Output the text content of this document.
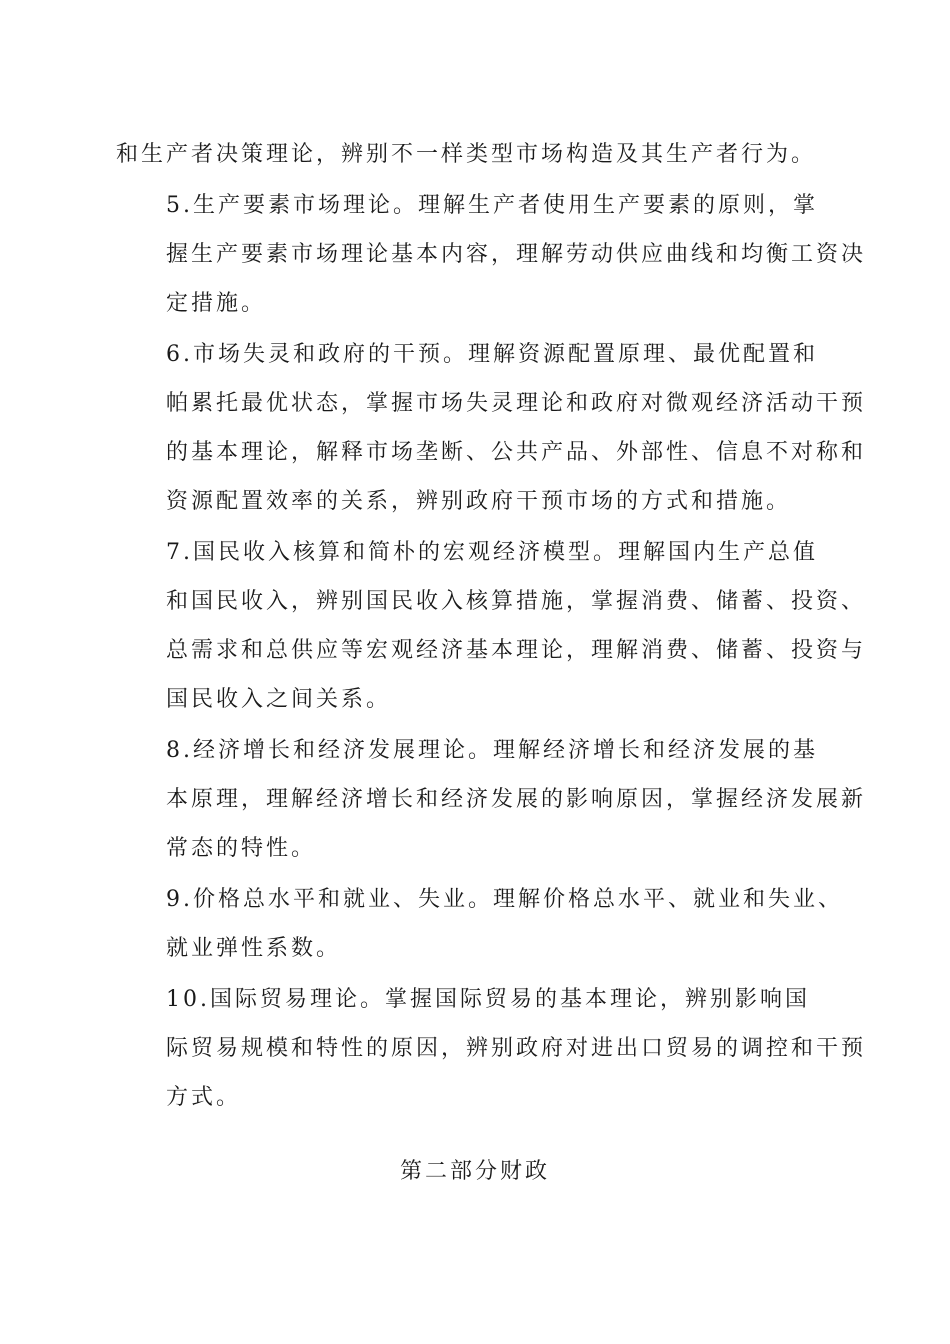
和生产者决策理论，辨别不一样类型市场构造及其生产者行为。

5.生产要素市场理论。理解生产者使用生产要素的原则，掌
握生产要素市场理论基本内容，理解劳动供应曲线和均衡工资决
定措施。

6.市场失灵和政府的干预。理解资源配置原理、最优配置和
帕累托最优状态，掌握市场失灵理论和政府对微观经济活动干预
的基本理论，解释市场垄断、公共产品、外部性、信息不对称和
资源配置效率的关系，辨别政府干预市场的方式和措施。

7.国民收入核算和简朴的宏观经济模型。理解国内生产总值
和国民收入，辨别国民收入核算措施，掌握消费、储蓄、投资、
总需求和总供应等宏观经济基本理论，理解消费、储蓄、投资与
国民收入之间关系。

8.经济增长和经济发展理论。理解经济增长和经济发展的基
本原理，理解经济增长和经济发展的影响原因，掌握经济发展新
常态的特性。

9.价格总水平和就业、失业。理解价格总水平、就业和失业、
就业弹性系数。

10.国际贸易理论。掌握国际贸易的基本理论，辨别影响国
际贸易规模和特性的原因，辨别政府对进出口贸易的调控和干预
方式。

第二部分财政
